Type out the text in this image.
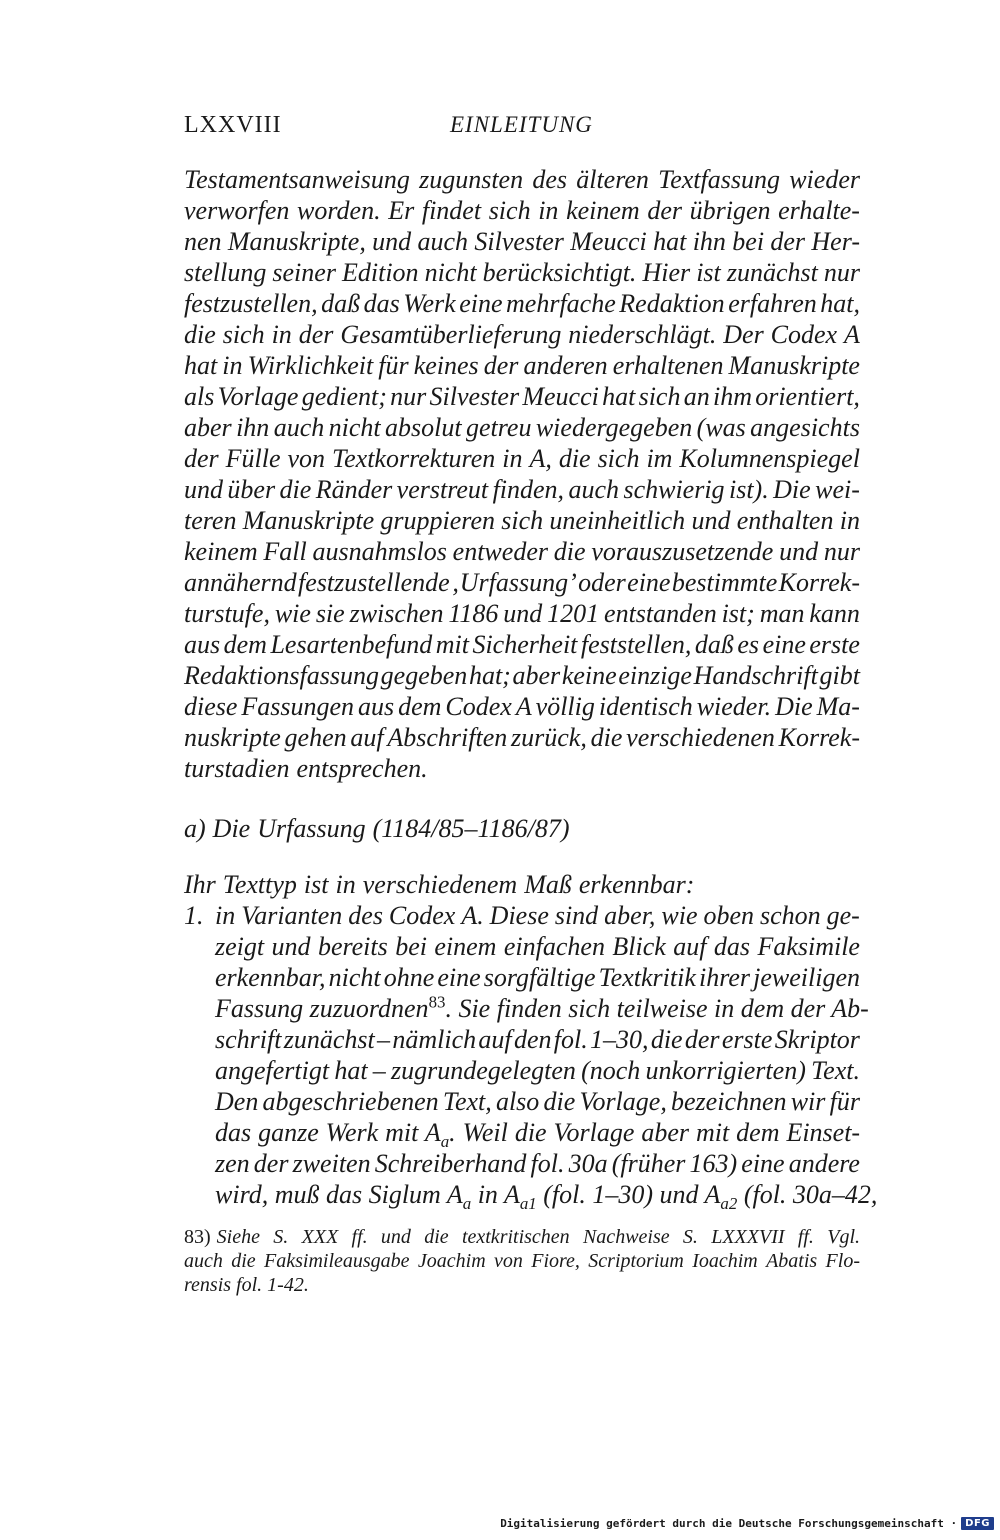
LXXVIII	EINLEITUNG
Testamentsanweisung zugunsten des älteren Textfassung wieder
verworfen worden. Er findet sich in keinem der übrigen erhalte-
nen Manuskripte, und auch Silvester Meucci hat ihn bei der Her-
stellung seiner Edition nicht berücksichtigt. Hier ist zunächst nur
festzustellen, daß das Werk eine mehrfache Redaktion erfahren hat,
die sich in der Gesamtüberlieferung niederschlägt. Der Codex A
hat in Wirklichkeit für keines der anderen erhaltenen Manuskripte
als Vorlage gedient; nur Silvester Meucci hat sich an ihm orientiert,
aber ihn auch nicht absolut getreu wiedergegeben (was angesichts
der Fülle von Textkorrekturen in A, die sich im Kolumnenspiegel
und über die Ränder verstreut finden, auch schwierig ist). Die wei-
teren Manuskripte gruppieren sich uneinheitlich und enthalten in
keinem Fall ausnahmslos entweder die vorauszusetzende und nur
annähernd festzustellende ‚Urfassung’ oder eine bestimmte Korrek-
turstufe, wie sie zwischen 1186 und 1201 entstanden ist; man kann
aus dem Lesartenbefund mit Sicherheit feststellen, daß es eine erste
Redaktionsfassung gegeben hat; aber keine einzige Handschrift gibt
diese Fassungen aus dem Codex A völlig identisch wieder. Die Ma-
nuskripte gehen auf Abschriften zurück, die verschiedenen Korrek-
turstadien entsprechen.
a) Die Urfassung (1184/85–1186/87)
Ihr Texttyp ist in verschiedenem Maß erkennbar:
1. in Varianten des Codex A. Diese sind aber, wie oben schon ge-
zeigt und bereits bei einem einfachen Blick auf das Faksimile
erkennbar, nicht ohne eine sorgfältige Textkritik ihrer jeweiligen
Fassung zuzuordnen$^{83}$. Sie finden sich teilweise in dem der Ab-
schrift zunächst – nämlich auf den fol. 1–30, die der erste Skriptor
angefertigt hat – zugrundegelegten (noch unkorrigierten) Text.
Den abgeschriebenen Text, also die Vorlage, bezeichnen wir für
das ganze Werk mit $A_a$. Weil die Vorlage aber mit dem Einset-
zen der zweiten Schreiberhand fol. 30a (früher 163) eine andere
wird, muß das Siglum $A_a$ in $A_{a1}$ (fol. 1–30) und $A_{a2}$ (fol. 30a–42,
83) Siehe S. XXX ff. und die textkritischen Nachweise S. LXXXVII ff. Vgl.
auch die Faksimileausgabe Joachim von Fiore, Scriptorium Ioachim Abatis Flo-
rensis fol. 1-42.
Digitalisierung gefördert durch die Deutsche Forschungsgemeinschaft · DFG
